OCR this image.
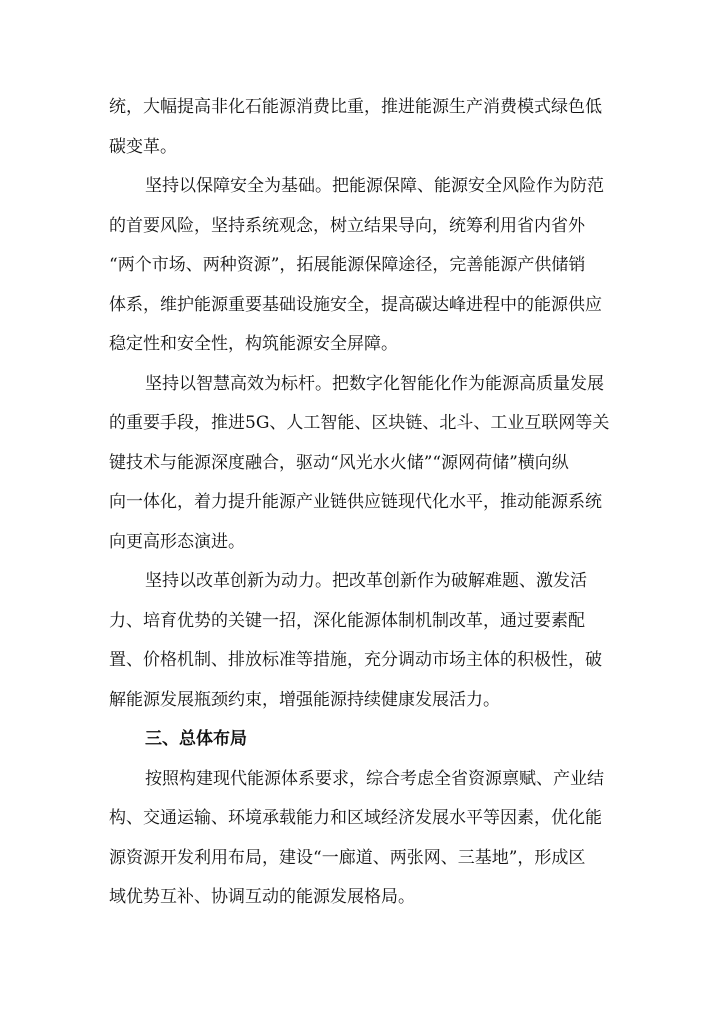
统，大幅提高非化石能源消费比重，推进能源生产消费模式绿色低
碳变革。
坚持以保障安全为基础。把能源保障、能源安全风险作为防范
的首要风险，坚持系统观念，树立结果导向，统筹利用省内省外
“两个市场、两种资源”，拓展能源保障途径，完善能源产供储销
体系，维护能源重要基础设施安全，提高碳达峰进程中的能源供应
稳定性和安全性，构筑能源安全屏障。
坚持以智慧高效为标杆。把数字化智能化作为能源高质量发展
的重要手段，推进5G、人工智能、区块链、北斗、工业互联网等关
键技术与能源深度融合，驱动“风光水火储”“源网荷储”横向纵
向一体化，着力提升能源产业链供应链现代化水平，推动能源系统
向更高形态演进。
坚持以改革创新为动力。把改革创新作为破解难题、激发活
力、培育优势的关键一招，深化能源体制机制改革，通过要素配
置、价格机制、排放标准等措施，充分调动市场主体的积极性，破
解能源发展瓶颈约束，增强能源持续健康发展活力。
三、总体布局
按照构建现代能源体系要求，综合考虑全省资源禀赋、产业结
构、交通运输、环境承载能力和区域经济发展水平等因素，优化能
源资源开发利用布局，建设“一廊道、两张网、三基地”，形成区
域优势互补、协调互动的能源发展格局。
